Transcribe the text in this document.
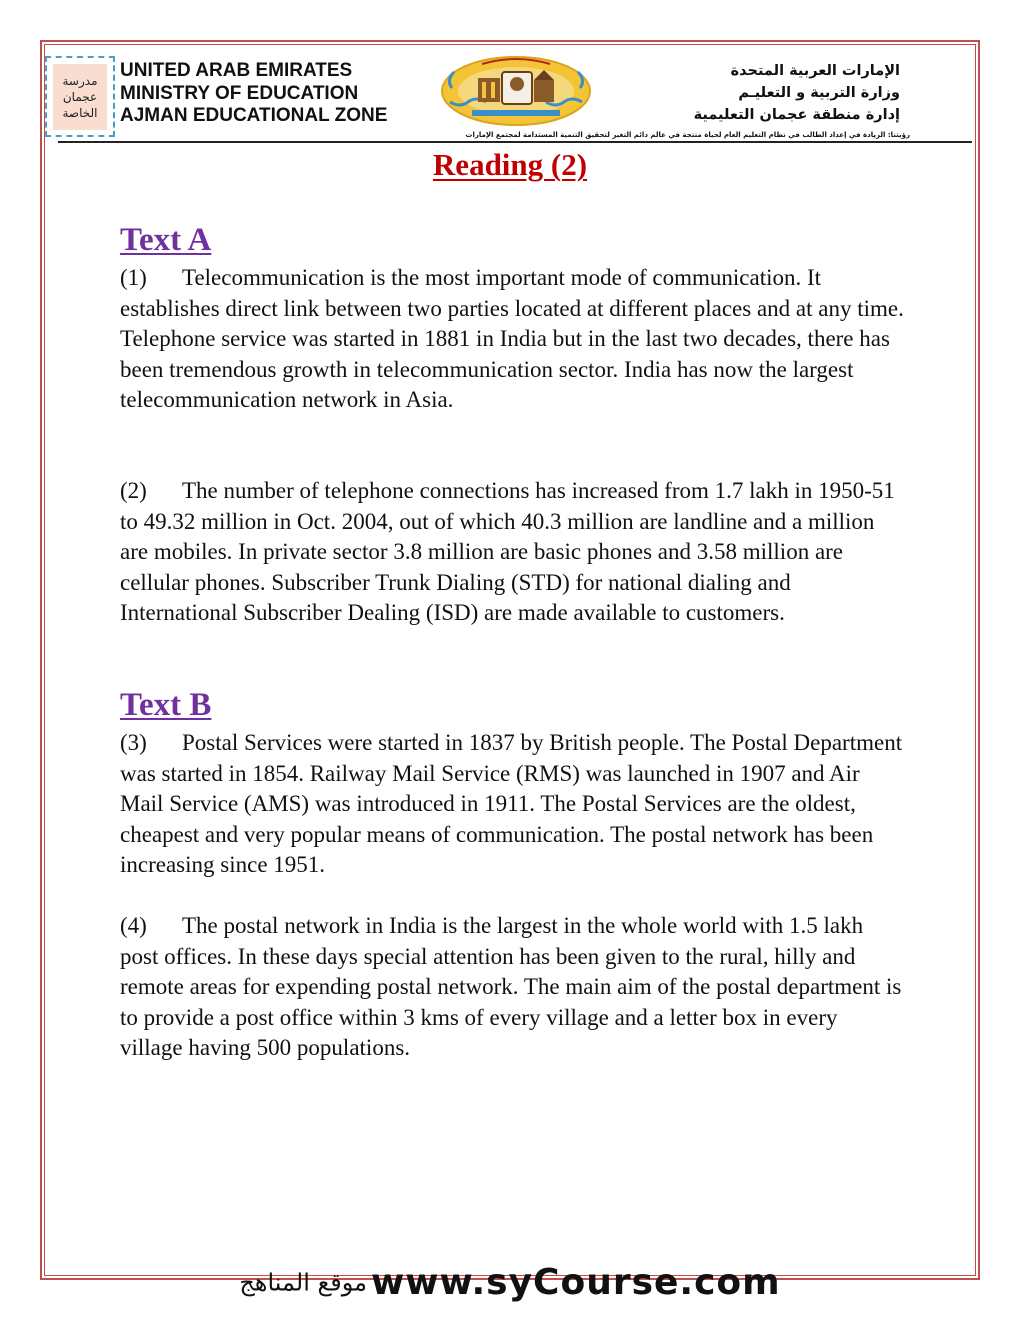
مدرسة
عجمان
الخاصة
UNITED ARAB EMIRATES
MINISTRY OF EDUCATION
AJMAN EDUCATIONAL ZONE
الإمارات العربية المتحدة
وزارة التربية و التعليـم
إدارة منطقة عجمان التعليمية
رؤيتنا: الريادة في إعداد الطالب في نظام التعليم العام لحياة منتجة في عالم دائم التغير لتحقيق التنمية المستدامة لمجتمع الإمارات
Reading (2)
Text A

(1) Telecommunication is the most important mode of communication. It establishes direct link between two parties located at different places and at any time. Telephone service was started in 1881 in India but in the last two decades, there has been tremendous growth in telecommunication sector. India has now the largest telecommunication network in Asia.

(2) The number of telephone connections has increased from 1.7 lakh in 1950-51 to 49.32 million in Oct. 2004, out of which 40.3 million are landline and a million are mobiles. In private sector 3.8 million are basic phones and 3.58 million are cellular phones. Subscriber Trunk Dialing (STD) for national dialing and International Subscriber Dealing (ISD) are made available to customers.

Text B

(3) Postal Services were started in 1837 by British people. The Postal Department was started in 1854. Railway Mail Service (RMS) was launched in 1907 and Air Mail Service (AMS) was introduced in 1911. The Postal Services are the oldest, cheapest and very popular means of communication. The postal network has been increasing since 1951.

(4) The postal network in India is the largest in the whole world with 1.5 lakh post offices. In these days special attention has been given to the rural, hilly and remote areas for expending postal network. The main aim of the postal department is to provide a post office within 3 kms of every village and a letter box in every village having 500 populations.

موقع المناهج www.syCourse.com
